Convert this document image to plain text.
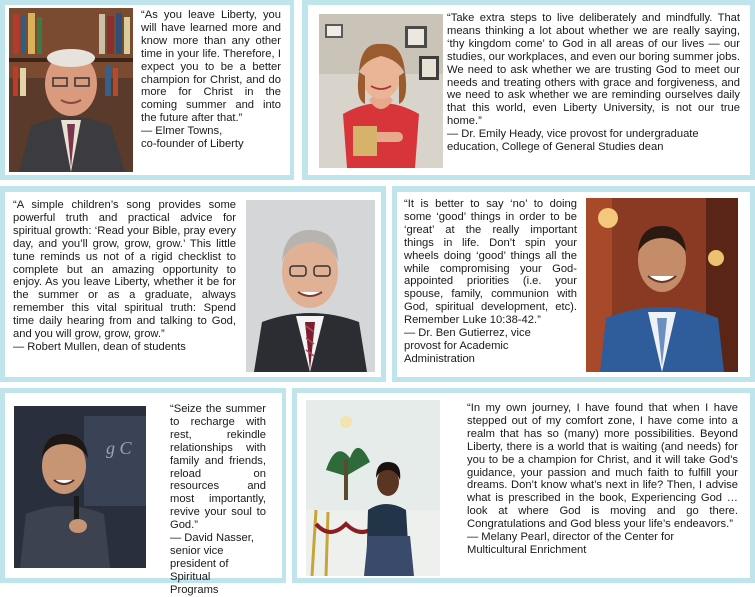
“As you leave Liberty, you will have learned more and know more than any other time in your life. Therefore, I expect you to be a better champion for Christ, and do more for Christ in the coming summer and into the future after that.”
— Elmer Towns,
co-founder of Liberty
“Take extra steps to live deliberately and mindfully. That means thinking a lot about whether we are really saying, ‘thy kingdom come’ to God in all areas of our lives — our studies, our workplaces, and even our boring summer jobs. We need to ask whether we are trusting God to meet our needs and treating others with grace and forgiveness, and we need to ask whether we are reminding ourselves daily that this world, even Liberty University, is not our true home.”
— Dr. Emily Heady, vice provost for undergraduate
education, College of General Studies dean
“A simple children’s song provides some powerful truth and practical advice for spiritual growth: ‘Read your Bible, pray every day, and you’ll grow, grow, grow.’ This little tune reminds us not of a rigid checklist to complete but an amazing opportunity to enjoy. As you leave Liberty, whether it be for the summer or as a graduate, always remember this vital spiritual truth: Spend time daily hearing from and talking to God, and you will grow, grow, grow.”
— Robert Mullen, dean of students
“It is better to say ‘no’ to doing some ‘good’ things in order to be ‘great’ at the really important things in life. Don’t spin your wheels doing ‘good’ things all the while compromising your God-appointed priorities (i.e. your spouse, family, communion with God, spiritual development, etc). Remember Luke 10:38-42.”
— Dr. Ben Gutierrez, vice
provost for Academic
Administration
g C
“Seize the summer to recharge with rest, rekindle relationships with family and friends, reload on resources and most importantly, revive your soul to God.”
— David Nasser,
senior vice president of Spiritual
Programs
“In my own journey, I have found that when I have stepped out of my comfort zone, I have come into a realm that has so (many) more possibilities. Beyond Liberty, there is a world that is waiting (and needs) for you to be a champion for Christ, and it will take God’s guidance, your passion and much faith to fulfill your dreams. Don’t know what’s next in life? Then, I advise what is prescribed in the book, Experiencing God … look at where God is moving and go there. Congratulations and God bless your life’s endeavors.”
— Melany Pearl, director of the Center for
Multicultural Enrichment
